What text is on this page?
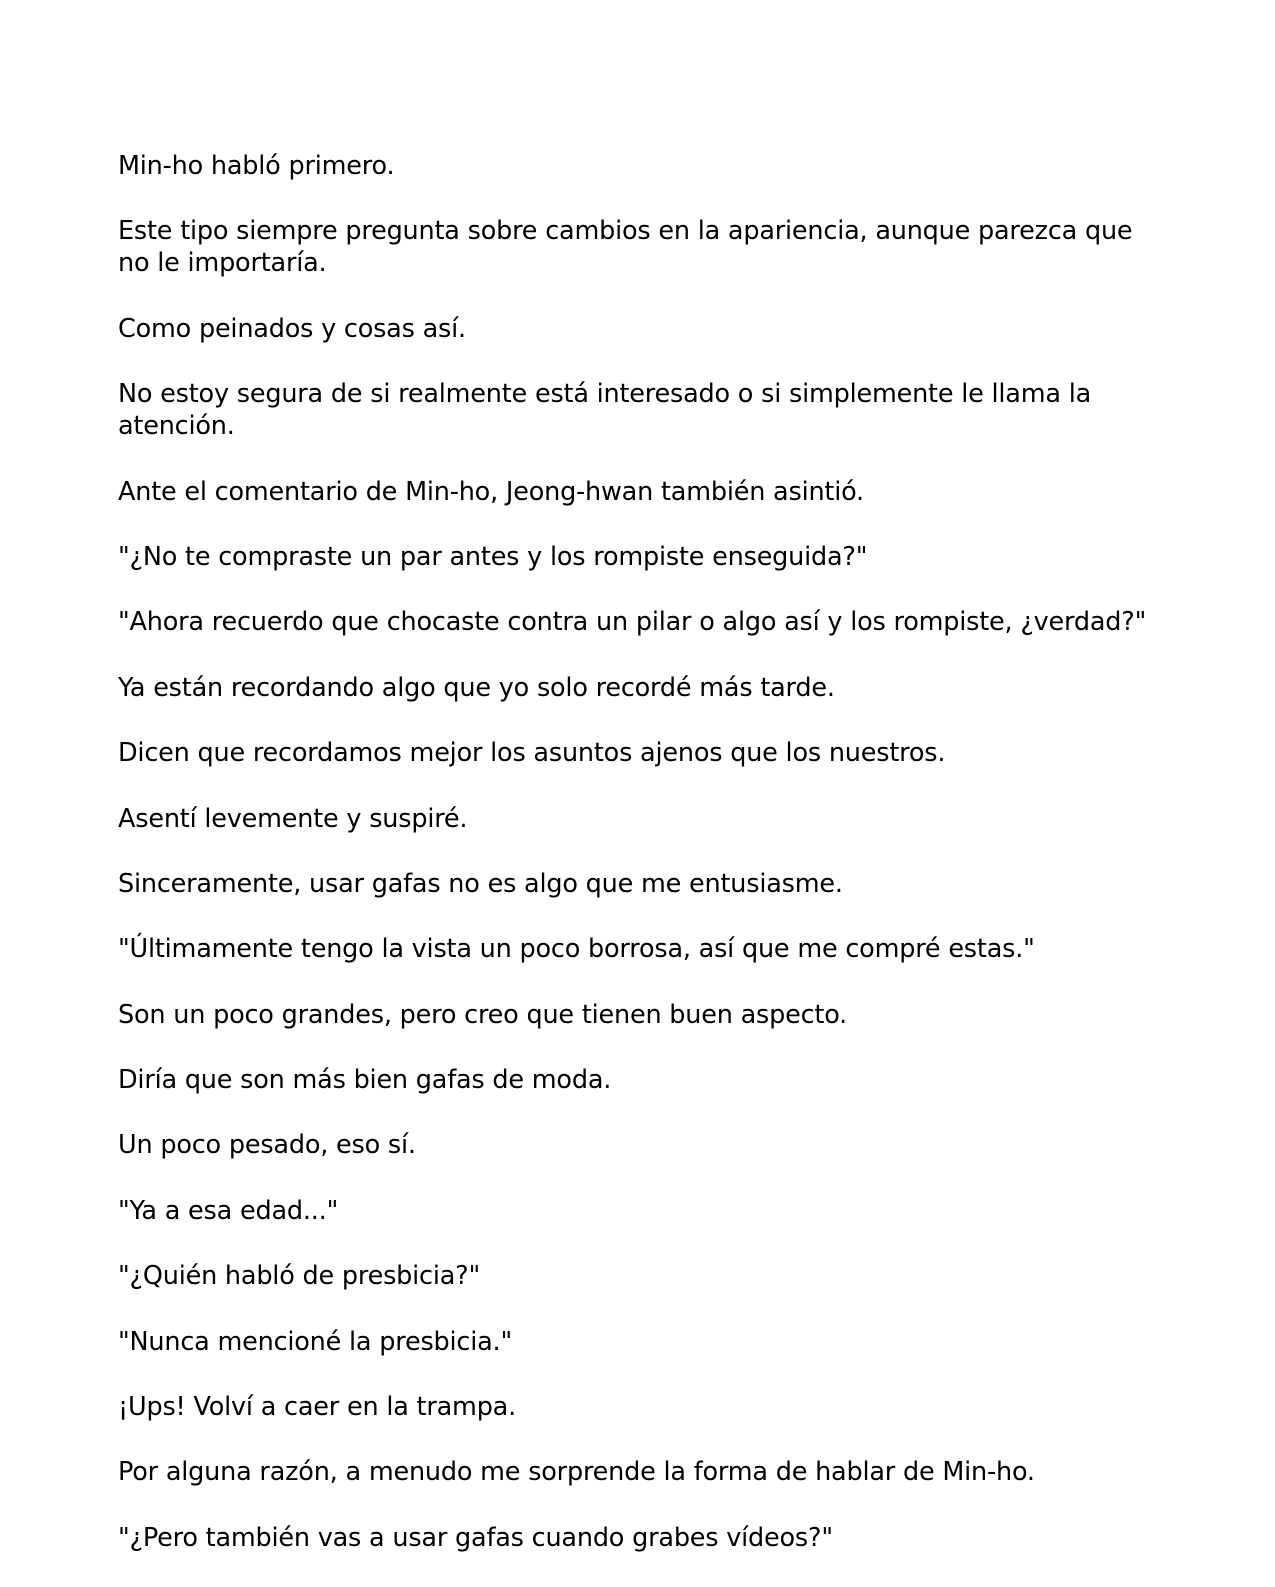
Min-ho habló primero.

Este tipo siempre pregunta sobre cambios en la apariencia, aunque parezca que no le importaría.

Como peinados y cosas así.

No estoy segura de si realmente está interesado o si simplemente le llama la atención.

Ante el comentario de Min-ho, Jeong-hwan también asintió.

"¿No te compraste un par antes y los rompiste enseguida?"

"Ahora recuerdo que chocaste contra un pilar o algo así y los rompiste, ¿verdad?"

Ya están recordando algo que yo solo recordé más tarde.

Dicen que recordamos mejor los asuntos ajenos que los nuestros.

Asentí levemente y suspiré.

Sinceramente, usar gafas no es algo que me entusiasme.

"Últimamente tengo la vista un poco borrosa, así que me compré estas."

Son un poco grandes, pero creo que tienen buen aspecto.

Diría que son más bien gafas de moda.

Un poco pesado, eso sí.

"Ya a esa edad..."

"¿Quién habló de presbicia?"

"Nunca mencioné la presbicia."

¡Ups! Volví a caer en la trampa.

Por alguna razón, a menudo me sorprende la forma de hablar de Min-ho.

"¿Pero también vas a usar gafas cuando grabes vídeos?"
